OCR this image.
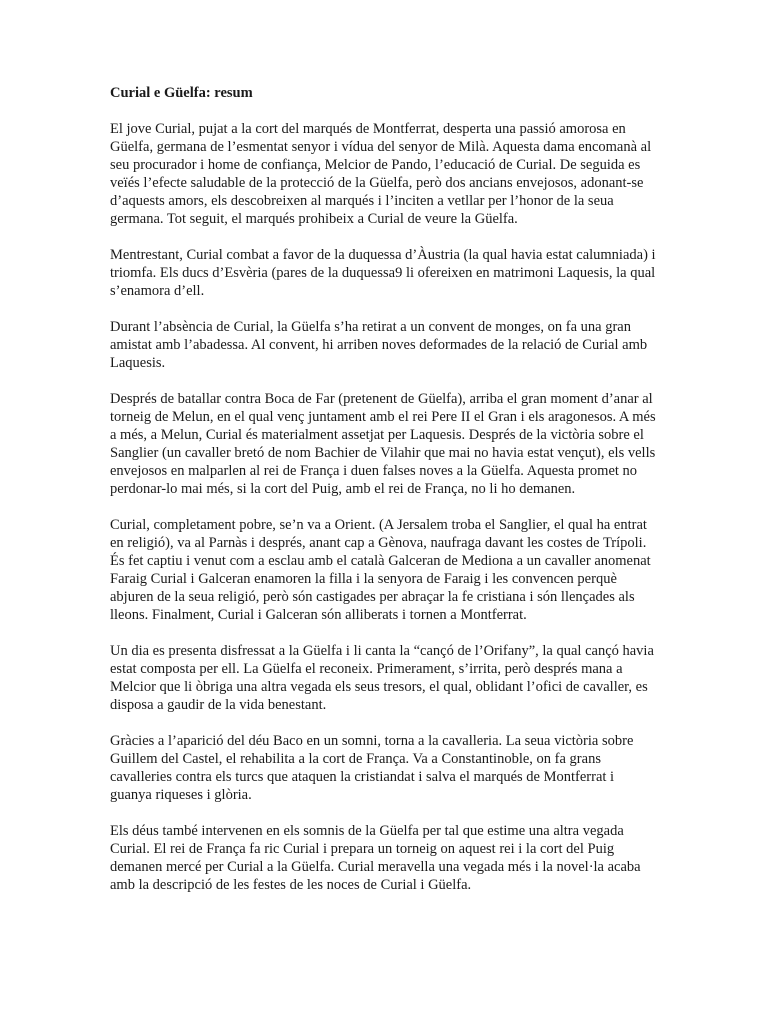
Curial e Güelfa: resum

El jove Curial, pujat a la cort del marqués de Montferrat, desperta una passió amorosa en Güelfa, germana de l’esmentat senyor i vídua del senyor de Milà. Aquesta dama encomanà al seu procurador i home de confiança, Melcior de Pando, l’educació de Curial. De seguida es veïés l’efecte saludable de la protecció de la Güelfa, però dos ancians envejosos, adonant-se d’aquests amors, els descobreixen al marqués i l’inciten a vetllar per l’honor de la seua germana. Tot seguit, el marqués prohibeix a Curial de veure la Güelfa.

Mentrestant, Curial combat a favor de la duquessa d’Àustria (la qual havia estat calumniada) i triomfa. Els ducs d’Esvèria (pares de la duquessa9 li ofereixen en matrimoni Laquesis, la qual s’enamora d’ell.

Durant l’absència de Curial, la Güelfa s’ha retirat a un convent de monges, on fa una gran amistat amb l’abadessa. Al convent, hi arriben noves deformades de la relació de Curial amb Laquesis.

Després de batallar contra Boca de Far (pretenent de Güelfa), arriba el gran moment d’anar al torneig de Melun, en el qual venç juntament amb el rei Pere II el Gran i els aragonesos. A més a més, a Melun, Curial és materialment assetjat per Laquesis. Després de la victòria sobre el Sanglier (un cavaller bretó de nom Bachier de Vilahir que mai no havia estat vençut), els vells envejosos en malparlen al rei de França i duen falses noves a la Güelfa. Aquesta promet no perdonar-lo mai més, si la cort del Puig, amb el rei de França, no li ho demanen.

Curial, completament pobre, se’n va a Orient. (A Jersalem troba el Sanglier, el qual ha entrat en religió), va al Parnàs i després, anant cap a Gènova, naufraga davant les costes de Trípoli. És fet captiu i venut com a esclau amb el català Galceran de Mediona a un cavaller anomenat Faraig Curial i Galceran enamoren la filla i la senyora de Faraig i les convencen perquè abjuren de la seua religió, però són castigades per abraçar la fe cristiana i són llençades als lleons. Finalment, Curial i Galceran són alliberats i tornen a Montferrat.

Un dia es presenta disfressat a la Güelfa i li canta la “cançó de l’Orifany”, la qual cançó havia estat composta per ell. La Güelfa el reconeix. Primerament, s’irrita, però després mana a Melcior que li òbriga una altra vegada els seus tresors, el qual, oblidant l’ofici de cavaller, es disposa a gaudir de la vida benestant.

Gràcies a l’aparició del déu Baco en un somni, torna a la cavalleria. La seua victòria sobre Guillem del Castel, el rehabilita a la cort de França. Va a Constantinoble, on fa grans cavalleries contra els turcs que ataquen la cristiandat i salva el marqués de Montferrat i guanya riqueses i glòria.

Els déus també intervenen en els somnis de la Güelfa per tal que estime una altra vegada Curial. El rei de França fa ric Curial i prepara un torneig on aquest rei i la cort del Puig demanen mercé per Curial a la Güelfa. Curial meravella una vegada més i la novel·la acaba amb la descripció de les festes de les noces de Curial i Güelfa.
